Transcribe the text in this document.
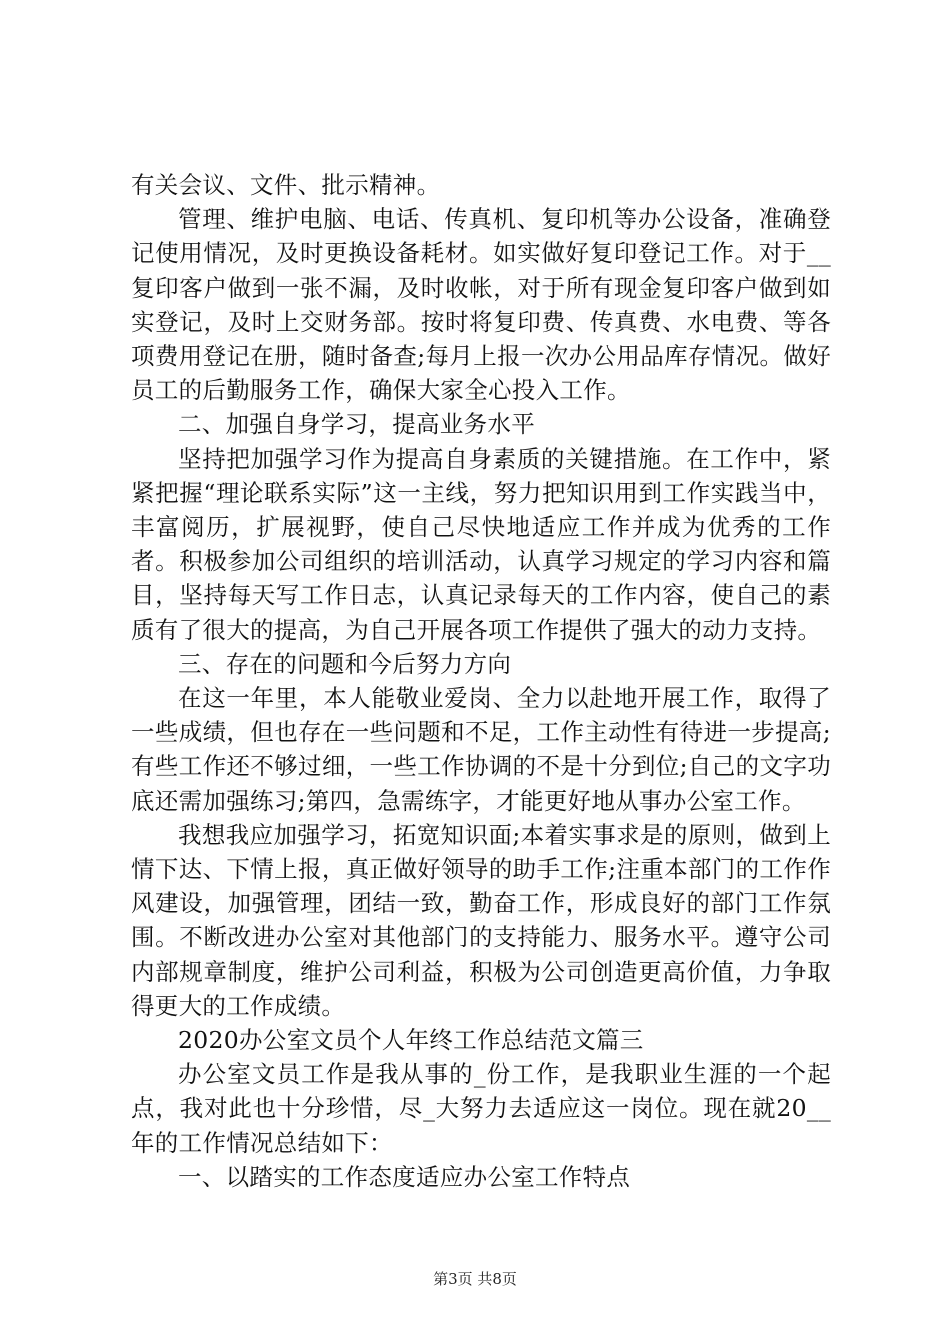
有关会议、文件、批示精神。

管理、维护电脑、电话、传真机、复印机等办公设备，准确登记使用情况，及时更换设备耗材。如实做好复印登记工作。对于__复印客户做到一张不漏，及时收帐，对于所有现金复印客户做到如实登记，及时上交财务部。按时将复印费、传真费、水电费、等各项费用登记在册，随时备查;每月上报一次办公用品库存情况。做好员工的后勤服务工作，确保大家全心投入工作。

二、加强自身学习，提高业务水平

坚持把加强学习作为提高自身素质的关键措施。在工作中，紧紧把握“理论联系实际”这一主线，努力把知识用到工作实践当中，丰富阅历，扩展视野，使自己尽快地适应工作并成为优秀的工作者。积极参加公司组织的培训活动，认真学习规定的学习内容和篇目，坚持每天写工作日志，认真记录每天的工作内容，使自己的素质有了很大的提高，为自己开展各项工作提供了强大的动力支持。

三、存在的问题和今后努力方向

在这一年里，本人能敬业爱岗、全力以赴地开展工作，取得了一些成绩，但也存在一些问题和不足，工作主动性有待进一步提高;有些工作还不够过细，一些工作协调的不是十分到位;自己的文字功底还需加强练习;第四，急需练字，才能更好地从事办公室工作。

我想我应加强学习，拓宽知识面;本着实事求是的原则，做到上情下达、下情上报，真正做好领导的助手工作;注重本部门的工作作风建设，加强管理，团结一致，勤奋工作，形成良好的部门工作氛围。不断改进办公室对其他部门的支持能力、服务水平。遵守公司内部规章制度，维护公司利益，积极为公司创造更高价值，力争取得更大的工作成绩。

2020办公室文员个人年终工作总结范文篇三

办公室文员工作是我从事的_份工作，是我职业生涯的一个起点，我对此也十分珍惜，尽_大努力去适应这一岗位。现在就20__年的工作情况总结如下：

一、以踏实的工作态度适应办公室工作特点

第3页 共8页
